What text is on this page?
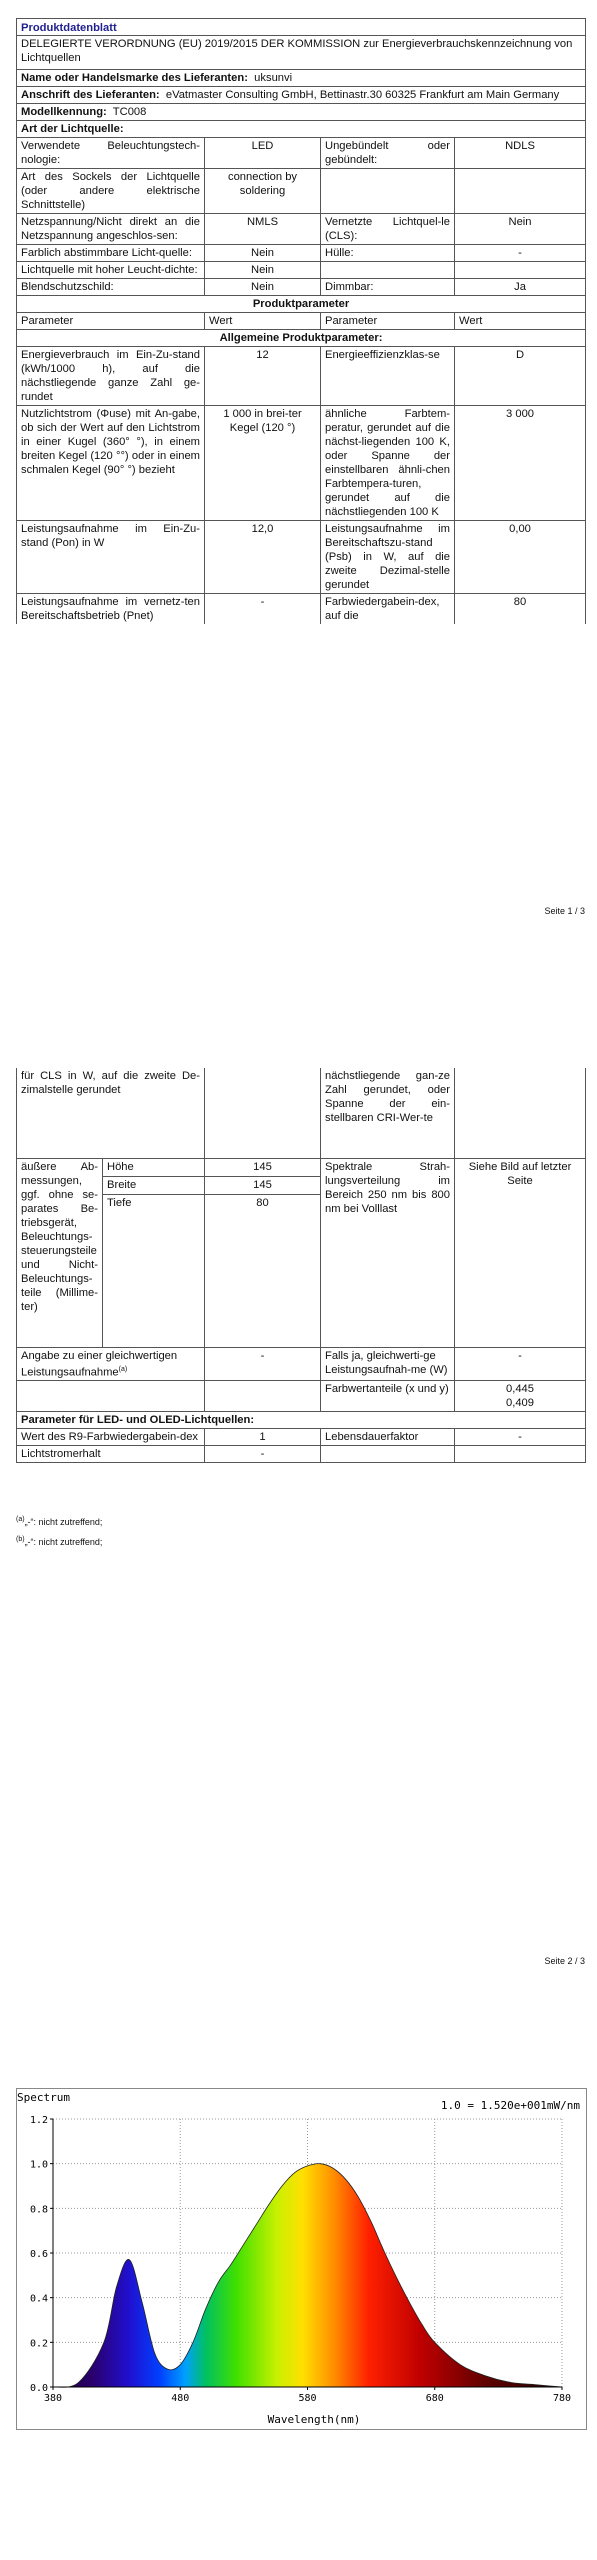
Produktdatenblatt			
DELEGIERTE VERORDNUNG (EU) 2019/2015 DER KOMMISSION zur Energieverbrauchskennzeichnung von Lichtquellen			
Name oder Handelsmarke des Lieferanten: uksunvi			
Anschrift des Lieferanten: eVatmaster Consulting GmbH, Bettinastr.30 60325 Frankfurt am Main Germany			
Modellkennung: TC008			
Art der Lichtquelle:			
Verwendete Beleuchtungstech-nologie:	LED	Ungebündelt oder gebündelt:	NDLS
Art des Sockels der Lichtquelle (oder andere elektrische Schnittstelle)	connection by soldering		
Netzspannung/Nicht direkt an die Netzspannung angeschlos-sen:	NMLS	Vernetzte Lichtquel-le (CLS):	Nein
Farblich abstimmbare Licht-quelle:	Nein	Hülle:	-
Lichtquelle mit hoher Leucht-dichte:	Nein		
Blendschutzschild:	Nein	Dimmbar:	Ja
Produktparameter			
Parameter	Wert	Parameter	Wert
Allgemeine Produktparameter:			
Energieverbrauch im Ein-Zu-stand (kWh/1000 h), auf die nächstliegende ganze Zahl ge-rundet	12	Energieeffizienzklas-se	D
Nutzlichtstrom (Φuse) mit An-gabe, ob sich der Wert auf den Lichtstrom in einer Kugel (360° °), in einem breiten Kegel (120 °°) oder in einem schmalen Kegel (90° °) bezieht	1 000 in brei-ter Kegel (120 °)	ähnliche Farbtem-peratur, gerundet auf die nächst-liegenden 100 K, oder Spanne der einstellbaren ähnli-chen Farbtempera-turen, gerundet auf die nächstliegenden 100 K	3 000
Leistungsaufnahme im Ein-Zu-stand (Pon) in W	12,0	Leistungsaufnahme im Bereitschaftszu-stand (Psb) in W, auf die zweite Dezimal-stelle gerundet	0,00
Leistungsaufnahme im vernetz-ten Bereitschaftsbetrieb (Pnet)	-	Farbwiedergabein-dex, auf die	80
Seite 1 / 3
für CLS in W, auf die zweite De-zimalstelle gerundet			nächstliegende gan-ze Zahl gerundet, oder Spanne der ein-stellbaren CRI-Wer-te	
äußere Ab-messungen, ggf. ohne se-parates Be-triebsgerät, Beleuchtungs-steuerungsteile und Nicht-Beleuchtungs-teile (Millime-ter)	Höhe	145	Spektrale Strah-lungsverteilung im Bereich 250 nm bis 800 nm bei Volllast	Siehe Bild auf letzter Seite
	Breite	145		
	Tiefe	80		
Angabe zu einer gleichwertigen Leistungsaufnahme$^{(a)}$		-	Falls ja, gleichwerti-ge Leistungsaufnah-me (W)	-
			Farbwertanteile (x und y)	0,445
0,409

Parameter für LED- und OLED-Lichtquellen:				
Wert des R9-Farbwiedergabein-dex		1	Lebensdauerfaktor	-
Lichtstromerhalt		-		
$^{(a)}$„-“: nicht zutreffend;
$^{(b)}$„-“: nicht zutreffend;
Seite 2 / 3
Spectrum
1.0 = 1.520e+001mW/nm
0.0
0.2
0.4
0.6
0.8
1.0
1.2
380	480	580	680	780
Wavelength(nm)
